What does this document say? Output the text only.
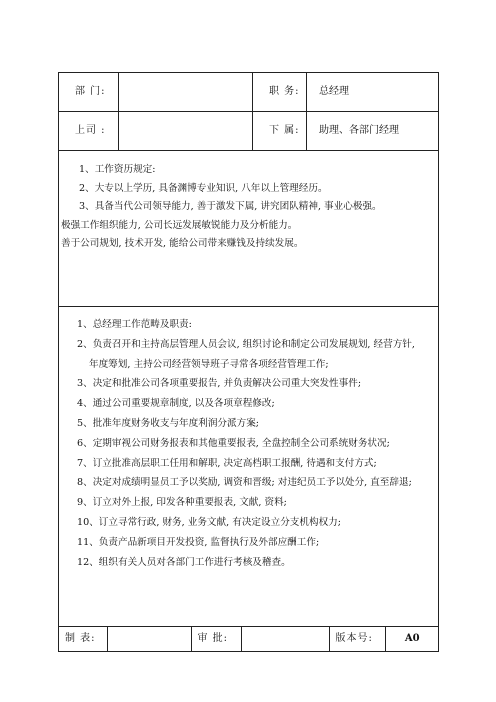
部 门:		职 务:	总经理
上司 :		下 属:	助理、各部门经理

1、工作资历规定:

2、大专以上学历, 具备渊博专业知识, 八年以上管理经历。

3、具备当代公司领导能力, 善于激发下属, 讲究团队精神, 事业心极强。

极强工作组织能力, 公司长远发展敏锐能力及分析能力。

善于公司规划, 技术开发, 能给公司带来赚钱及持续发展。

1、总经理工作范畴及职责:

2、负责召开和主持高层管理人员会议, 组织讨论和制定公司发展规划, 经营方针,

年度筹划, 主持公司经营领导班子寻常各项经营管理工作;

3、决定和批准公司各项重要报告, 并负责解决公司重大突发性事件;

4、通过公司重要规章制度, 以及各项章程修改;

5、批准年度财务收支与年度利润分派方案;

6、定期审视公司财务报表和其他重要报表, 全盘控制全公司系统财务状况;

7、订立批准高层职工任用和解职, 决定高档职工报酬, 待遇和支付方式;

8、决定对成绩明显员工予以奖励, 调资和晋级; 对违纪员工予以处分, 直至辞退;

9、订立对外上报, 印发各种重要报表, 文献, 资料;

10、订立寻常行政, 财务, 业务文献, 有决定设立分支机构权力;

11、负责产品新项目开发投资, 监督执行及外部应酬工作;

12、组织有关人员对各部门工作进行考核及稽查。

制 表:		审 批:		版本号:	A0
